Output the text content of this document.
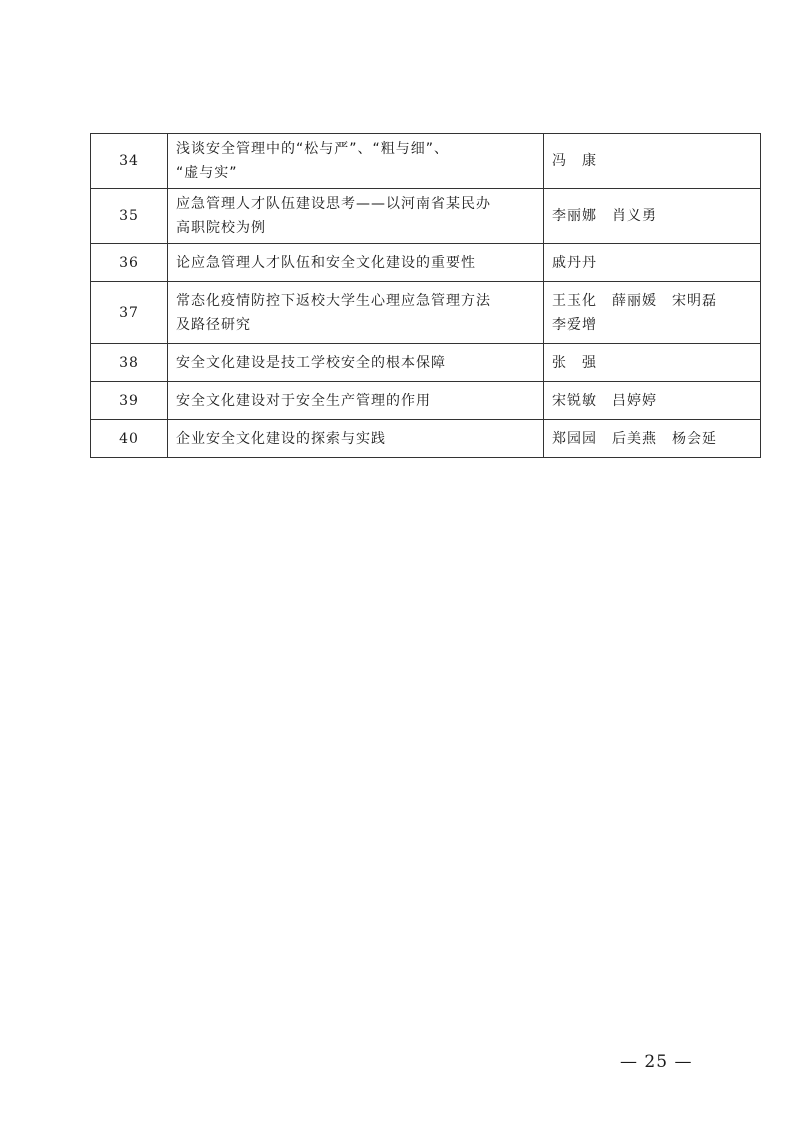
34	浅谈安全管理中的“松与严”、“粗与细”、
“虚与实”	冯　康

35	应急管理人才队伍建设思考——以河南省某民办
高职院校为例	李丽娜　肖义勇

36	论应急管理人才队伍和安全文化建设的重要性	戚丹丹

37	常态化疫情防控下返校大学生心理应急管理方法
及路径研究	王玉化　薛丽媛　宋明磊
李爱增

38	安全文化建设是技工学校安全的根本保障	张　强

39	安全文化建设对于安全生产管理的作用	宋锐敏　吕婷婷

40	企业安全文化建设的探索与实践	郑园园　后美燕　杨会延
— 25 —
